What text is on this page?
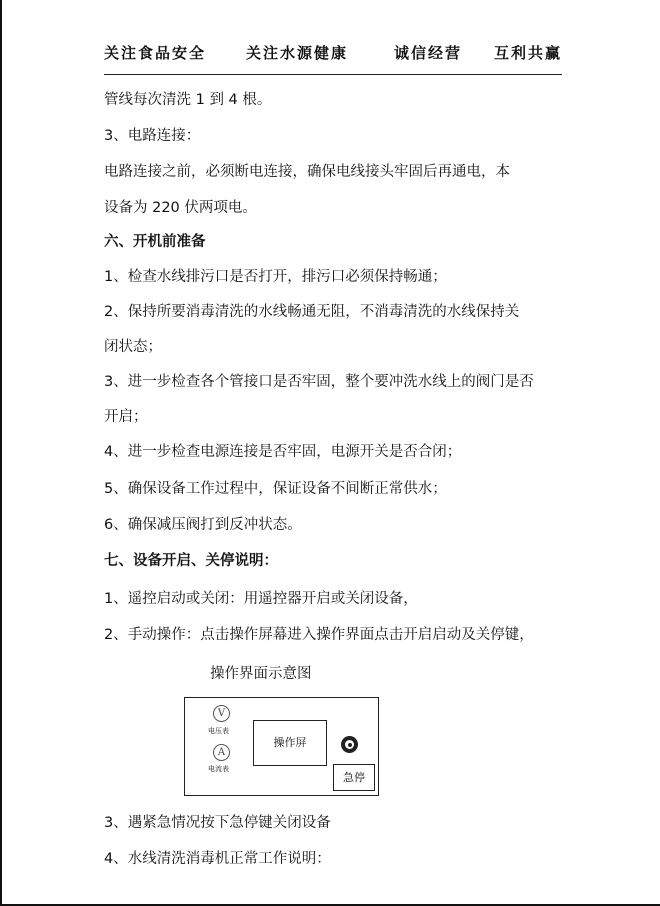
关注食品安全	关注水源健康	诚信经营 互利共赢
管线每次清洗 1 到 4 根。
3、电路连接：
电路连接之前，必须断电连接，确保电线接头牢固后再通电，本
设备为 220 伏两项电。
六、开机前准备
1、检查水线排污口是否打开，排污口必须保持畅通；
2、保持所要消毒清洗的水线畅通无阻，不消毒清洗的水线保持关
闭状态；
3、进一步检查各个管接口是否牢固，整个要冲洗水线上的阀门是否
开启；
4、进一步检查电源连接是否牢固，电源开关是否合闭；
5、确保设备工作过程中，保证设备不间断正常供水；
6、确保减压阀打到反冲状态。
七、设备开启、关停说明：
1、遥控启动或关闭：用遥控器开启或关闭设备，
2、手动操作：点击操作屏幕进入操作界面点击开启启动及关停键，
操作界面示意图
V
电压表
A
电流表
操作屏
急停
3、遇紧急情况按下急停键关闭设备
4、水线清洗消毒机正常工作说明：
